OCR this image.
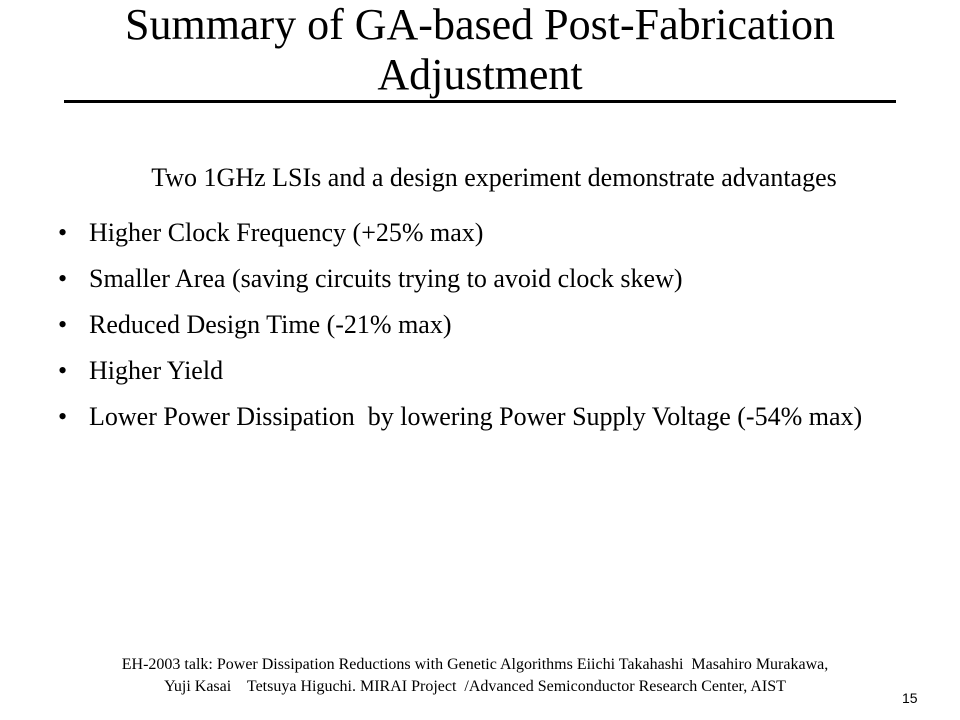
Summary of GA-based Post-Fabrication
Adjustment
Two 1GHz LSIs and a design experiment demonstrate advantages
• Higher Clock Frequency (+25% max)
• Smaller Area (saving circuits trying to avoid clock skew)
• Reduced Design Time (-21% max)
• Higher Yield
• Lower Power Dissipation  by lowering Power Supply Voltage (-54% max)
EH-2003 talk: Power Dissipation Reductions with Genetic Algorithms Eiichi Takahashi  Masahiro Murakawa,
Yuji Kasai    Tetsuya Higuchi. MIRAI Project  /Advanced Semiconductor Research Center, AIST
15
